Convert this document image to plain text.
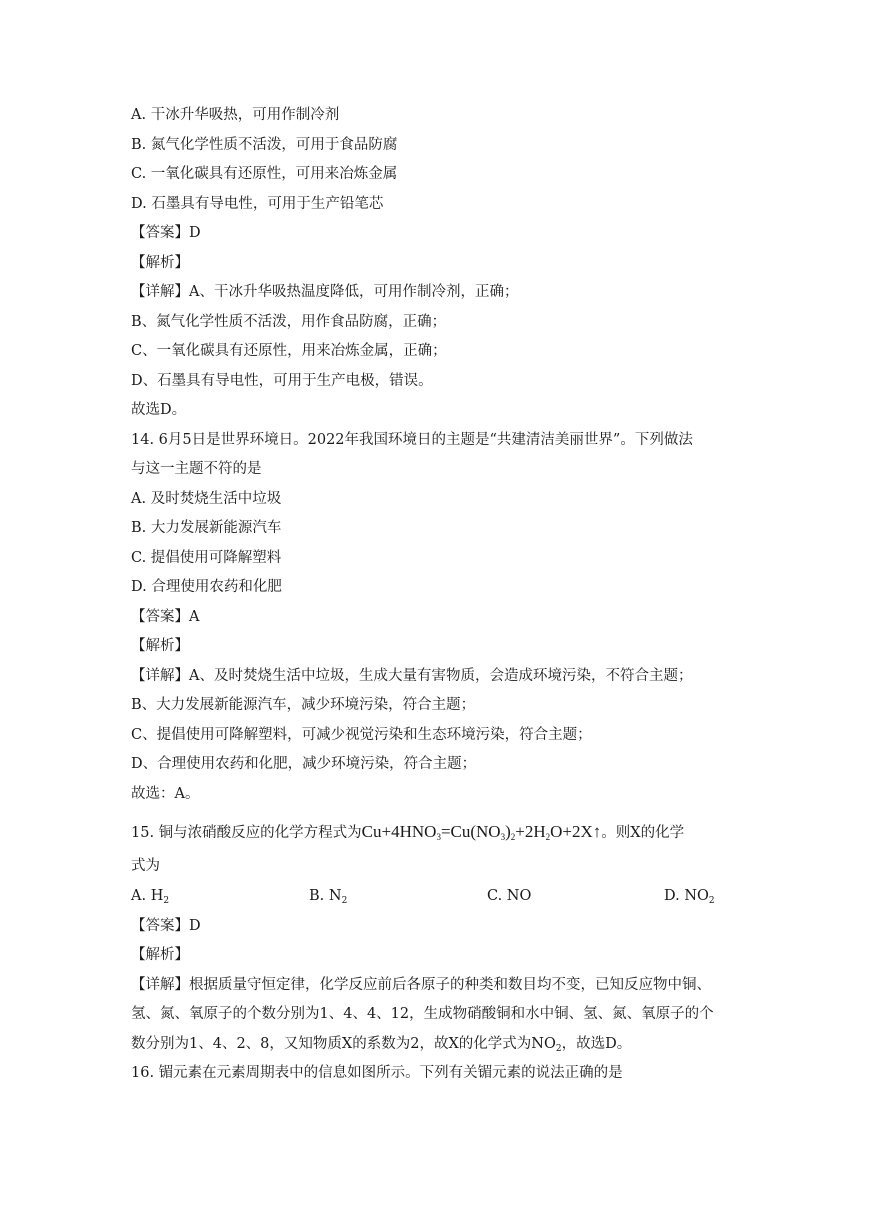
A. 干冰升华吸热，可用作制冷剂
B. 氮气化学性质不活泼，可用于食品防腐
C. 一氧化碳具有还原性，可用来冶炼金属
D. 石墨具有导电性，可用于生产铅笔芯
【答案】D
【解析】
【详解】A、干冰升华吸热温度降低，可用作制冷剂，正确；
B、氮气化学性质不活泼，用作食品防腐，正确；
C、一氧化碳具有还原性，用来冶炼金属，正确；
D、石墨具有导电性，可用于生产电极，错误。
故选D。
14. 6月5日是世界环境日。2022年我国环境日的主题是“共建清洁美丽世界”。下列做法
与这一主题不符的是
A. 及时焚烧生活中垃圾
B. 大力发展新能源汽车
C. 提倡使用可降解塑料
D. 合理使用农药和化肥
【答案】A
【解析】
【详解】A、及时焚烧生活中垃圾，生成大量有害物质，会造成环境污染，不符合主题；
B、大力发展新能源汽车，减少环境污染，符合主题；
C、提倡使用可降解塑料，可减少视觉污染和生态环境污染，符合主题；
D、合理使用农药和化肥，减少环境污染，符合主题；
故选：A。
15. 铜与浓硝酸反应的化学方程式为$Cu+4HNO_3=Cu(NO_3)_2+2H_2O+2X↑$。则X的化学
式为
A. $H_2$	B. $N_2$	C. NO	D. $NO_2$
【答案】D
【解析】
【详解】根据质量守恒定律，化学反应前后各原子的种类和数目均不变，已知反应物中铜、
氢、氮、氧原子的个数分别为1、4、4、12，生成物硝酸铜和水中铜、氢、氮、氧原子的个
数分别为1、4、2、8，又知物质X的系数为2，故X的化学式为$NO_2$，故选D。
16. 镅元素在元素周期表中的信息如图所示。下列有关镅元素的说法正确的是
